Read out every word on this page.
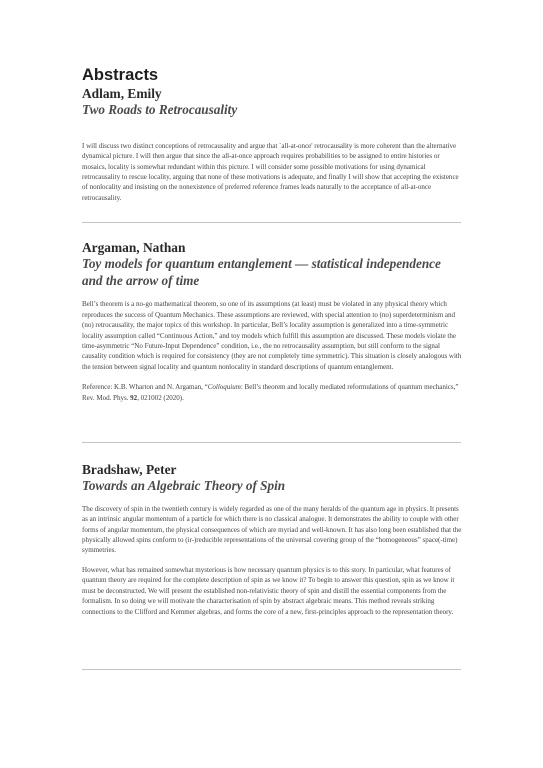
Abstracts
Adlam, Emily
Two Roads to Retrocausality

I will discuss two distinct conceptions of retrocausality and argue that `all-at-once' retrocausality is more coherent than the alternative dynamical picture. I will then argue that since the all-at-once approach requires probabilities to be assigned to entire histories or mosaics, locality is somewhat redundant within this picture. I will consider some possible motivations for using dynamical retrocausality to rescue locality, arguing that none of these motivations is adequate, and finally I will show that accepting the existence of nonlocality and insisting on the nonexistence of preferred reference frames leads naturally to the acceptance of all-at-once retrocausality.

Argaman, Nathan
Toy models for quantum entanglement — statistical independence and the arrow of time

Bell’s theorem is a no-go mathematical theorem, so one of its assumptions (at least) must be violated in any physical theory which reproduces the success of Quantum Mechanics. These assumptions are reviewed, with special attention to (no) superdeterminism and (no) retrocausality, the major topics of this workshop. In particular, Bell’s locality assumption is generalized into a time-symmetric locality assumption called “Continuous Action,” and toy models which fulfill this assumption are discussed. These models violate the time-asymmetric “No Future-Input Dependence” condition, i.e., the no retrocausality assumption, but still conform to the signal causality condition which is required for consistency (they are not completely time symmetric). This situation is closely analogous with the tension between signal locality and quantum nonlocality in standard descriptions of quantum entanglement.

Reference: K.B. Wharton and N. Argaman, “Colloquium: Bell’s theorem and locally mediated reformulations of quantum mechanics,” Rev. Mod. Phys. 92, 021002 (2020).

Bradshaw, Peter
Towards an Algebraic Theory of Spin

The discovery of spin in the twentieth century is widely regarded as one of the many heralds of the quantum age in physics. It presents as an intrinsic angular momentum of a particle for which there is no classical analogue. It demonstrates the ability to couple with other forms of angular momentum, the physical consequences of which are myriad and well-known. It has also long been established that the physically allowed spins conform to (ir-)reducible representations of the universal covering group of the “homogeneous” space(-time) symmetries.

However, what has remained somewhat mysterious is how necessary quantum physics is to this story. In particular, what features of quantum theory are required for the complete description of spin as we know it? To begin to answer this question, spin as we know it must be deconstructed. We will present the established non-relativistic theory of spin and distill the essential components from the formalism. In so doing we will motivate the characterisation of spin by abstract algebraic means. This method reveals striking connections to the Clifford and Kemmer algebras, and forms the core of a new, first-principles approach to the representation theory.
